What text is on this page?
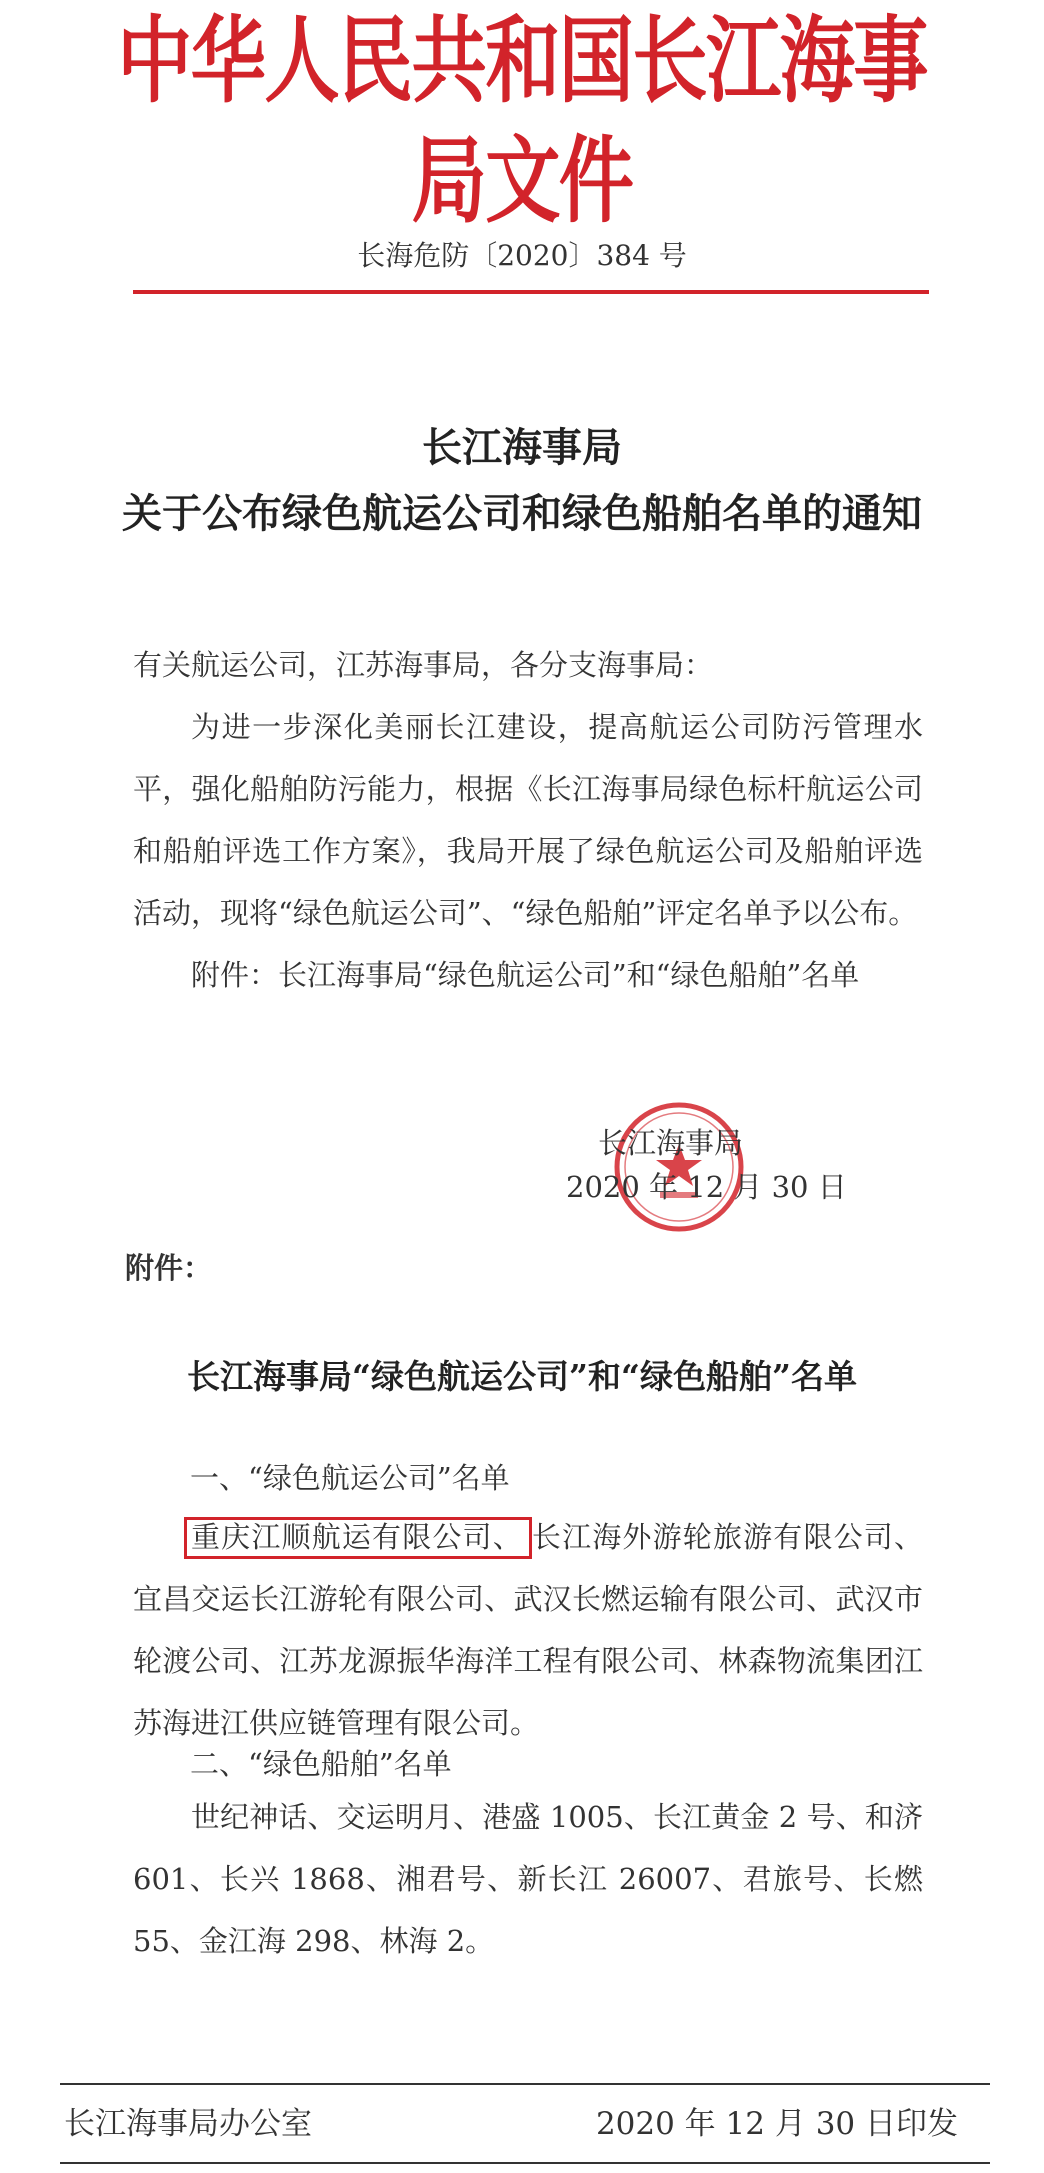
中华人民共和国长江海事局文件
长海危防〔2020〕384 号
长江海事局
关于公布绿色航运公司和绿色船舶名单的通知
有关航运公司，江苏海事局，各分支海事局：
为进一步深化美丽长江建设，提高航运公司防污管理水平，强化船舶防污能力，根据《长江海事局绿色标杆航运公司和船舶评选工作方案》，我局开展了绿色航运公司及船舶评选活动，现将“绿色航运公司”、“绿色船舶”评定名单予以公布。
附件：长江海事局“绿色航运公司”和“绿色船舶”名单
长江海事局
2020 年 12 月 30 日
附件：
长江海事局“绿色航运公司”和“绿色船舶”名单
一、“绿色航运公司”名单
重庆江顺航运有限公司、 长江海外游轮旅游有限公司、宜昌交运长江游轮有限公司、武汉长燃运输有限公司、武汉市轮渡公司、江苏龙源振华海洋工程有限公司、林森物流集团江苏海进江供应链管理有限公司。
二、“绿色船舶”名单
世纪神话、交运明月、港盛 1005、长江黄金 2 号、和济 601、长兴 1868、湘君号、新长江 26007、君旅号、长燃 55、金江海 298、林海 2。
长江海事局办公室	2020 年 12 月 30 日印发
